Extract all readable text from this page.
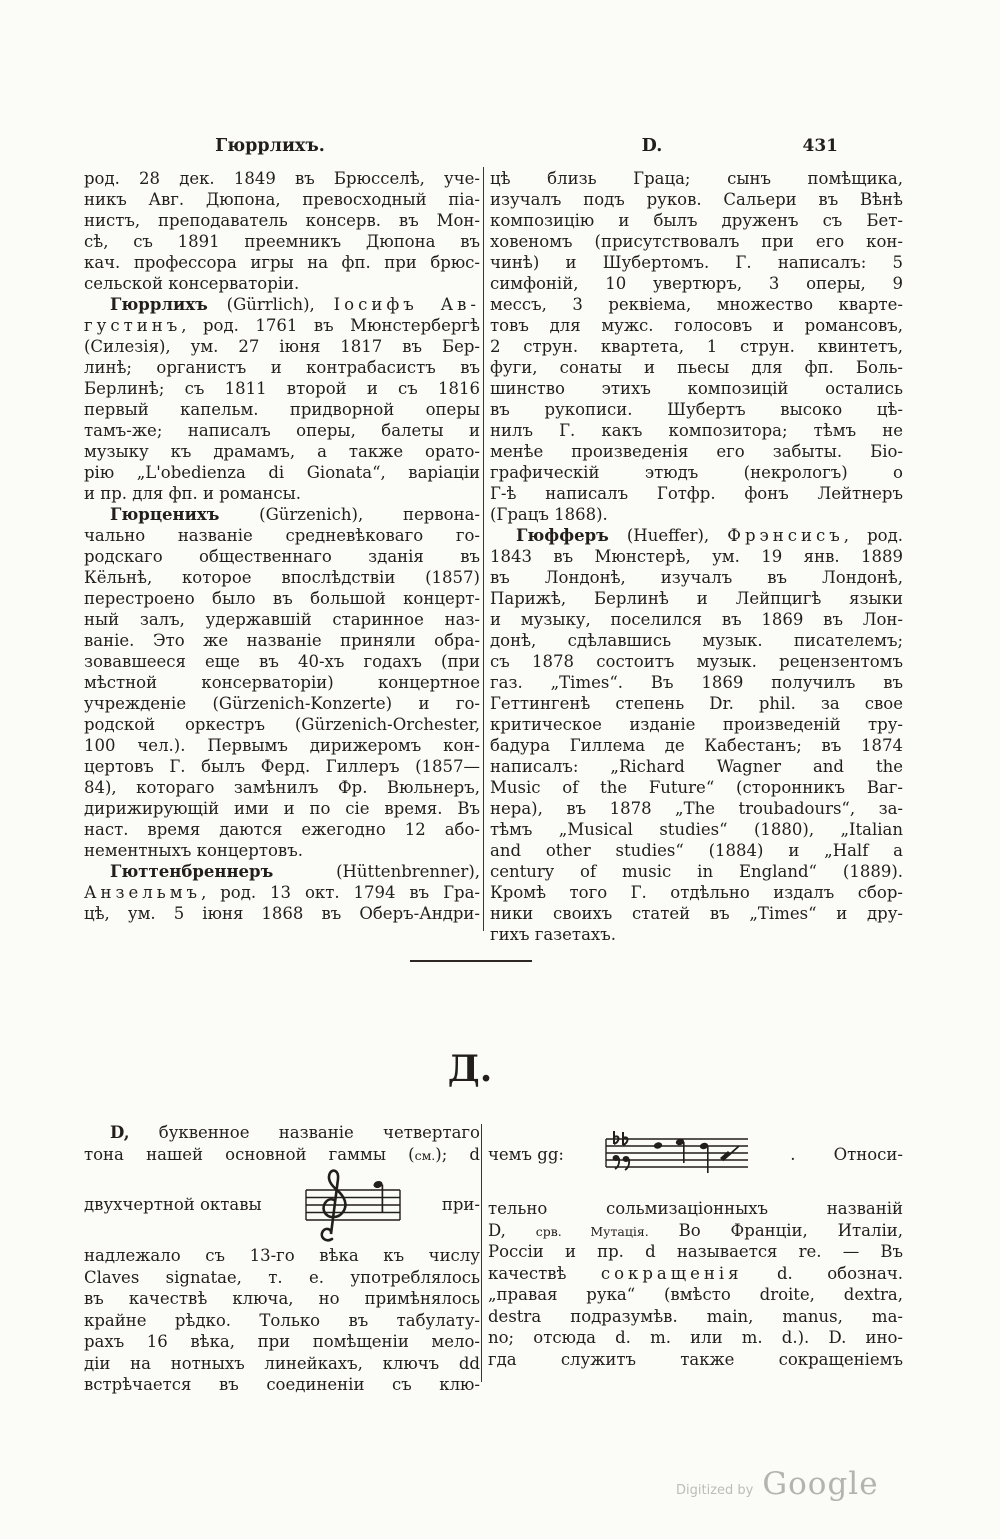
Гюррлихъ.	D.	431
род. 28 дек. 1849 въ Брюсселѣ, уче-
никъ Авг. Дюпона, превосходный піа-
нистъ, преподаватель консерв. въ Мон-
сѣ, съ 1891 преемникъ Дюпона въ
кач. профессора игры на фп. при брюс-
сельской консерваторіи.
Гюррлихъ (Gürrlich), Іосифъ Ав-
густинъ, род. 1761 въ Мюнстербергѣ
(Силезія), ум. 27 іюня 1817 въ Бер-
линѣ; органистъ и контрабасистъ въ
Берлинѣ; съ 1811 второй и съ 1816
первый капельм. придворной оперы
тамъ-же; написалъ оперы, балеты и
музыку къ драмамъ, а также орато-
рію „L'obedienza di Gionata“, варіаціи
и пр. для фп. и романсы.
Гюрценихъ (Gürzenich), первона-
чально названіе средневѣковаго го-
родскаго общественнаго зданія въ
Кёльнѣ, которое впослѣдствіи (1857)
перестроено было въ большой концерт-
ный залъ, удержавшій старинное наз-
ваніе. Это же названіе приняли обра-
зовавшееся еще въ 40-хъ годахъ (при
мѣстной консерваторіи) концертное
учрежденіе (Gürzenich-Konzerte) и го-
родской оркестръ (Gürzenich-Orchester,
100 чел.). Первымъ дирижеромъ кон-
цертовъ Г. былъ Ферд. Гиллеръ (1857—
84), котораго замѣнилъ Фр. Вюльнеръ,
дирижирующій ими и по сіе время. Въ
наст. время даются ежегодно 12 або-
нементныхъ концертовъ.
Гюттенбреннеръ (Hüttenbrenner),
Анзельмъ, род. 13 окт. 1794 въ Гра-
цѣ, ум. 5 іюня 1868 въ Оберъ-Андри-
цѣ близь Граца; сынъ помѣщика,
изучалъ подъ руков. Сальери въ Вѣнѣ
композицію и былъ друженъ съ Бет-
ховеномъ (присутствовалъ при его кон-
чинѣ) и Шубертомъ. Г. написалъ: 5
симфоній, 10 увертюръ, 3 оперы, 9
мессъ, 3 реквіема, множество кварте-
товъ для мужс. голосовъ и романсовъ,
2 струн. квартета, 1 струн. квинтетъ,
фуги, сонаты и пьесы для фп. Боль-
шинство этихъ композицій остались
въ рукописи. Шубертъ высоко цѣ-
нилъ Г. какъ композитора; тѣмъ не
менѣе произведенія его забыты. Біо-
графическій этюдъ (некрологъ) о
Г-ѣ написалъ Готфр. фонъ Лейтнеръ
(Грацъ 1868).
Гюфферъ (Hueffer), Фрэнсисъ, род.
1843 въ Мюнстерѣ, ум. 19 янв. 1889
въ Лондонѣ, изучалъ въ Лондонѣ,
Парижѣ, Берлинѣ и Лейпцигѣ языки
и музыку, поселился въ 1869 въ Лон-
донѣ, сдѣлавшись музык. писателемъ;
съ 1878 состоитъ музык. рецензентомъ
газ. „Times“. Въ 1869 получилъ въ
Геттингенѣ степень Dr. phil. за свое
критическое изданіе произведеній тру-
бадура Гиллема де Кабестанъ; въ 1874
написалъ: „Richard Wagner and the
Music of the Future“ (сторонникъ Ваг-
нера), въ 1878 „The troubadours“, за-
тѣмъ „Musical studies“ (1880), „Italian
and other studies“ (1884) и „Half a
century of music in England“ (1889).
Кромѣ того Г. отдѣльно издалъ сбор-
ники своихъ статей въ „Times“ и дру-
гихъ газетахъ.
Д.
D, буквенное названіе четвертаго
тона нашей основной гаммы (см.); d
двухчертной октавы	при-
надлежало съ 13-го вѣка къ числу
Claves signatae, т. е. употреблялось
въ качествѣ ключа, но примѣнялось
крайне рѣдко. Только въ табулату-
рахъ 16 вѣка, при помѣщеніи мело-
діи на нотныхъ линейкахъ, ключъ dd
встрѣчается въ соединеніи съ клю-
чемъ gg:	. Относи-
тельно сольмизаціонныхъ названій
D, срв. Мутація. Во Франціи, Италіи,
Россіи и пр. d называется re. — Въ
качествѣ сокращенія d. обознач.
„правая рука“ (вмѣсто droite, dextra,
destra подразумѣв. main, manus, ma-
no; отсюда d. m. или m. d.). D. ино-
гда служитъ также сокращеніемъ
Digitized by Google
